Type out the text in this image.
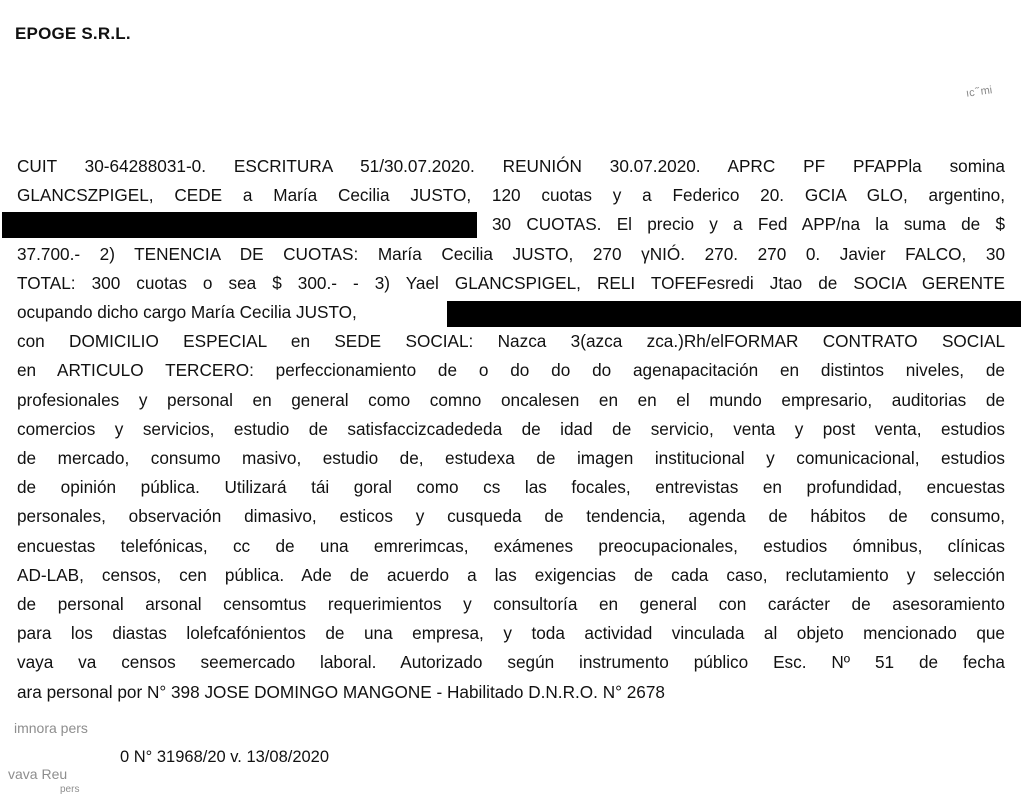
EPOGE S.R.L.
ıᴄ ᷉ mi
CUIT 30-64288031-0. ESCRITURA 51/30.07.2020. REUNIÓN 30.07.2020. APRC PF PFAPPla somina
GLANCSZPIGEL, CEDE a María Cecilia JUSTO, 120 cuotas y a Federico 20. GCIA GLO, argentino,
30 CUOTAS. El precio y a Fed APP/na la suma de $
37.700.- 2) TENENCIA DE CUOTAS: María Cecilia JUSTO, 270 γNIÓ. 270. 270 0. Javier FALCO, 30
TOTAL: 300 cuotas o sea $ 300.- - 3) Yael GLANCSPIGEL, RELI TOFEFesredi Jtao de SOCIA GERENTE
ocupando dicho cargo María Cecilia JUSTO,
con DOMICILIO ESPECIAL en SEDE SOCIAL: Nazca 3(azca zca.)Rh/elFORMAR CONTRATO SOCIAL
en ARTICULO TERCERO: perfeccionamiento de o do do do agenapacitación en distintos niveles, de
profesionales y personal en general como comno oncalesen en en el mundo empresario, auditorias de
comercios y servicios, estudio de satisfaccizcadededa de idad de servicio, venta y post venta, estudios
de mercado, consumo masivo, estudio de, estudexa de imagen institucional y comunicacional, estudios
de opinión pública. Utilizará tái goral como cs las focales, entrevistas en profundidad, encuestas
personales, observación dimasivo, esticos y cusqueda de tendencia, agenda de hábitos de consumo,
encuestas telefónicas, cc de una emrerimcas, exámenes preocupacionales, estudios ómnibus, clínicas
AD-LAB, censos, cen pública. Ade de acuerdo a las exigencias de cada caso, reclutamiento y selección
de personal arsonal censomtus requerimientos y consultoría en general con carácter de asesoramiento
para los diastas lolefcafónientos de una empresa, y toda actividad vinculada al objeto mencionado que
vaya va censos seemercado laboral. Autorizado según instrumento público Esc. Nº 51 de fecha
ara personal por N° 398 JOSE DOMINGO MANGONE - Habilitado D.N.R.O. N° 2678
imnora pers
vava Reu
pers
0 N° 31968/20 v. 13/08/2020
